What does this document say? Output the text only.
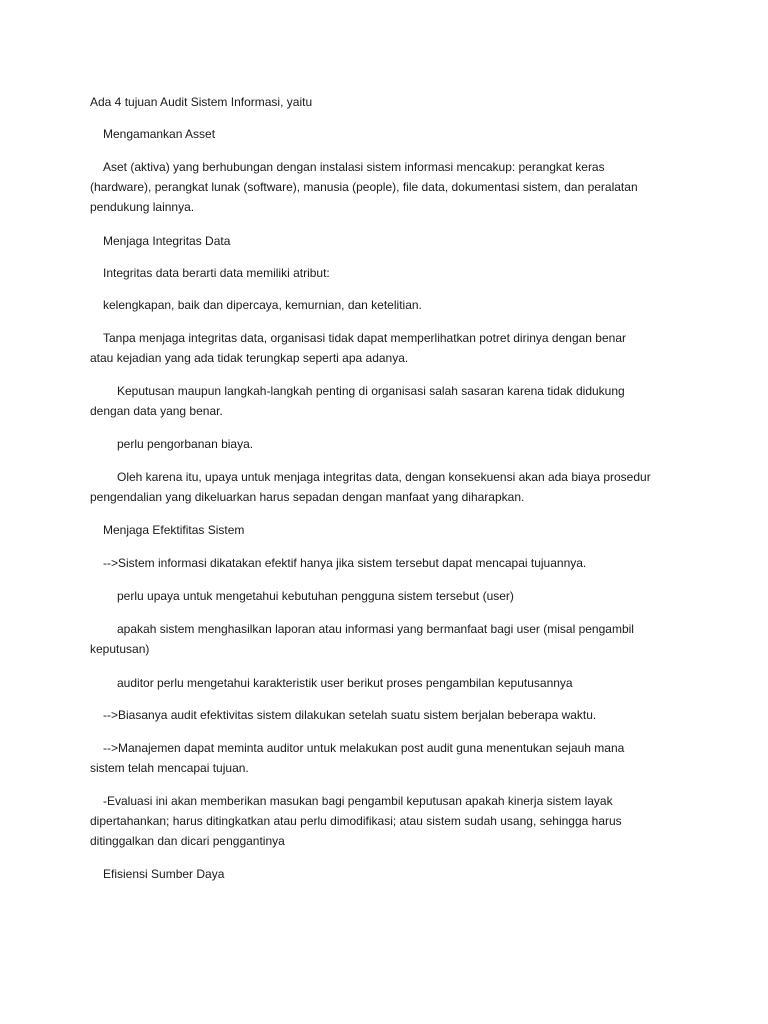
Ada 4 tujuan Audit Sistem Informasi, yaitu
Mengamankan Asset
Aset (aktiva) yang berhubungan dengan instalasi sistem informasi mencakup: perangkat keras
(hardware), perangkat lunak (software), manusia (people), file data, dokumentasi sistem, dan peralatan
pendukung lainnya.
Menjaga Integritas Data
Integritas data berarti data memiliki atribut:
kelengkapan, baik dan dipercaya, kemurnian, dan ketelitian.
Tanpa menjaga integritas data, organisasi tidak dapat memperlihatkan potret dirinya dengan benar
atau kejadian yang ada tidak terungkap seperti apa adanya.
Keputusan maupun langkah-langkah penting di organisasi salah sasaran karena tidak didukung
dengan data yang benar.
perlu pengorbanan biaya.
Oleh karena itu, upaya untuk menjaga integritas data, dengan konsekuensi akan ada biaya prosedur
pengendalian yang dikeluarkan harus sepadan dengan manfaat yang diharapkan.
Menjaga Efektifitas Sistem
-->Sistem informasi dikatakan efektif hanya jika sistem tersebut dapat mencapai tujuannya.
perlu upaya untuk mengetahui kebutuhan pengguna sistem tersebut (user)
apakah sistem menghasilkan laporan atau informasi yang bermanfaat bagi user (misal pengambil
keputusan)
auditor perlu mengetahui karakteristik user berikut proses pengambilan keputusannya
-->Biasanya audit efektivitas sistem dilakukan setelah suatu sistem berjalan beberapa waktu.
-->Manajemen dapat meminta auditor untuk melakukan post audit guna menentukan sejauh mana
sistem telah mencapai tujuan.
-Evaluasi ini akan memberikan masukan bagi pengambil keputusan apakah kinerja sistem layak
dipertahankan; harus ditingkatkan atau perlu dimodifikasi; atau sistem sudah usang, sehingga harus
ditinggalkan dan dicari penggantinya
Efisiensi Sumber Daya
